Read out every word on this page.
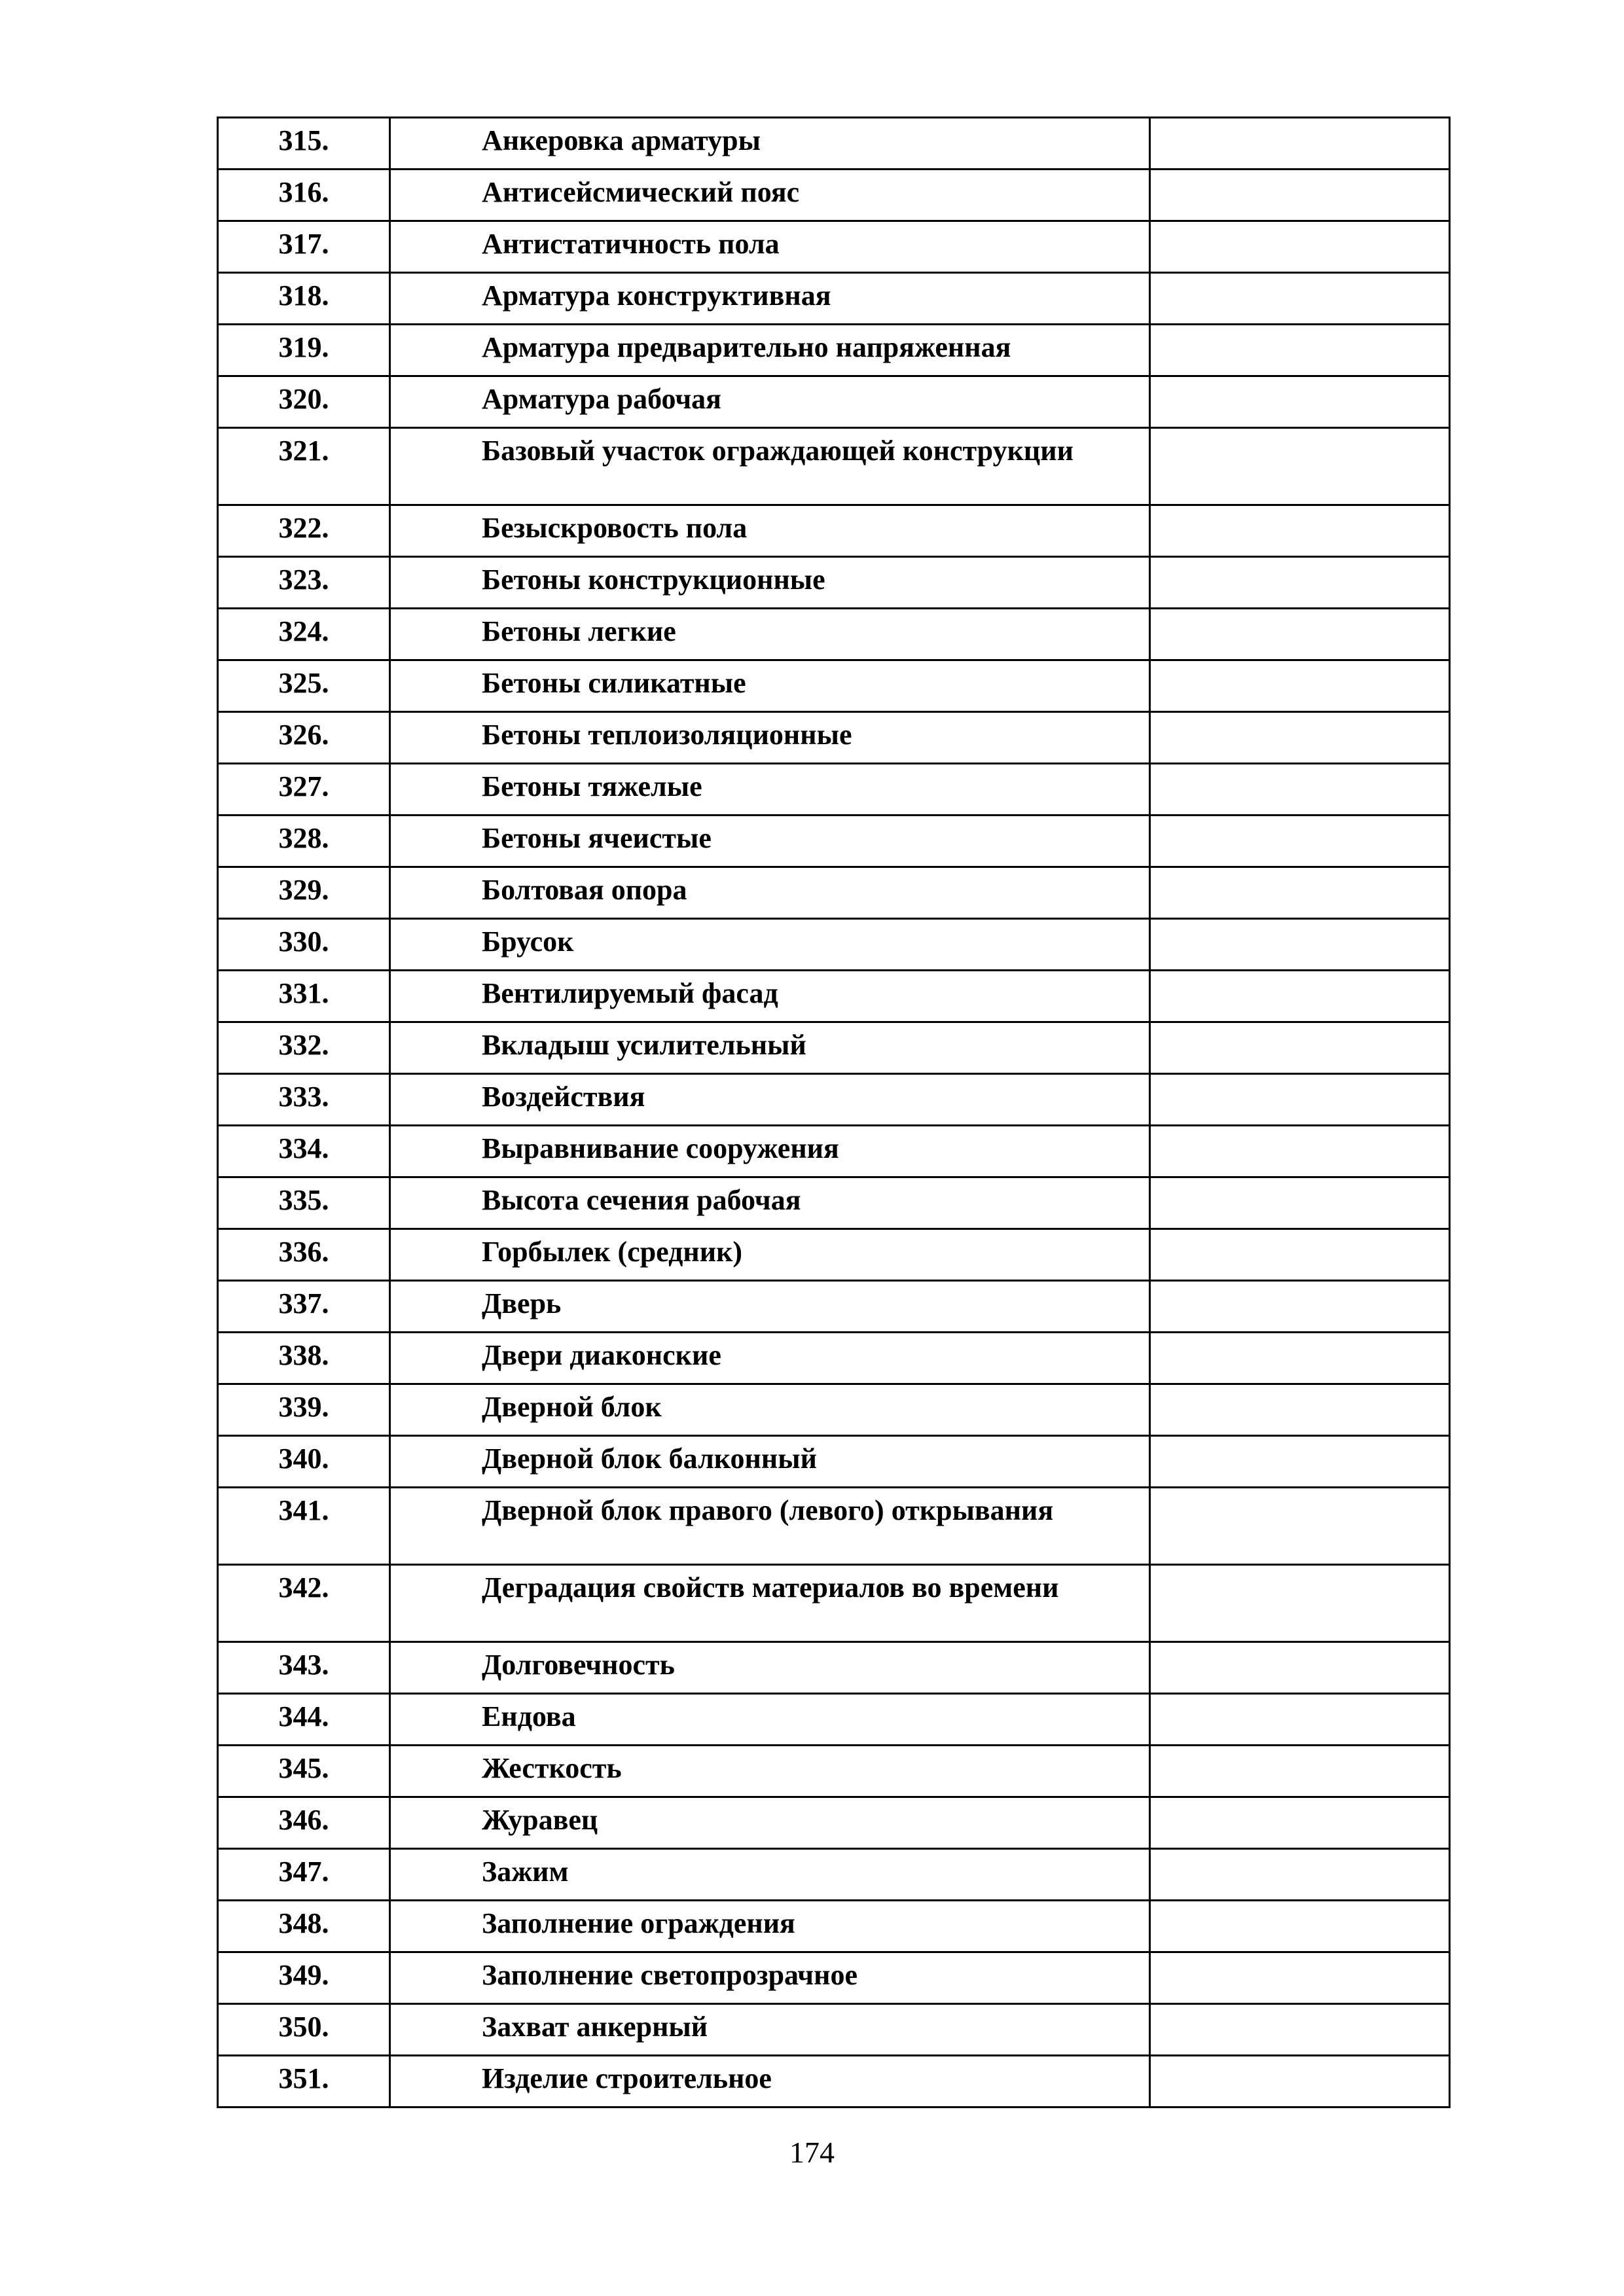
315.	Анкеровка арматуры	
316.	Антисейсмический пояс	
317.	Антистатичность пола	
318.	Арматура конструктивная	
319.	Арматура предварительно напряженная	
320.	Арматура рабочая	
321.	Базовый участок ограждающей конструкции	
322.	Безыскровость пола	
323.	Бетоны конструкционные	
324.	Бетоны легкие	
325.	Бетоны силикатные	
326.	Бетоны теплоизоляционные	
327.	Бетоны тяжелые	
328.	Бетоны ячеистые	
329.	Болтовая опора	
330.	Брусок	
331.	Вентилируемый фасад	
332.	Вкладыш усилительный	
333.	Воздействия	
334.	Выравнивание сооружения	
335.	Высота сечения рабочая	
336.	Горбылек (средник)	
337.	Дверь	
338.	Двери диаконские	
339.	Дверной блок	
340.	Дверной блок балконный	
341.	Дверной блок правого (левого) открывания	
342.	Деградация свойств материалов во времени	
343.	Долговечность	
344.	Ендова	
345.	Жесткость	
346.	Журавец	
347.	Зажим	
348.	Заполнение ограждения	
349.	Заполнение светопрозрачное	
350.	Захват анкерный	
351.	Изделие строительное	
174
